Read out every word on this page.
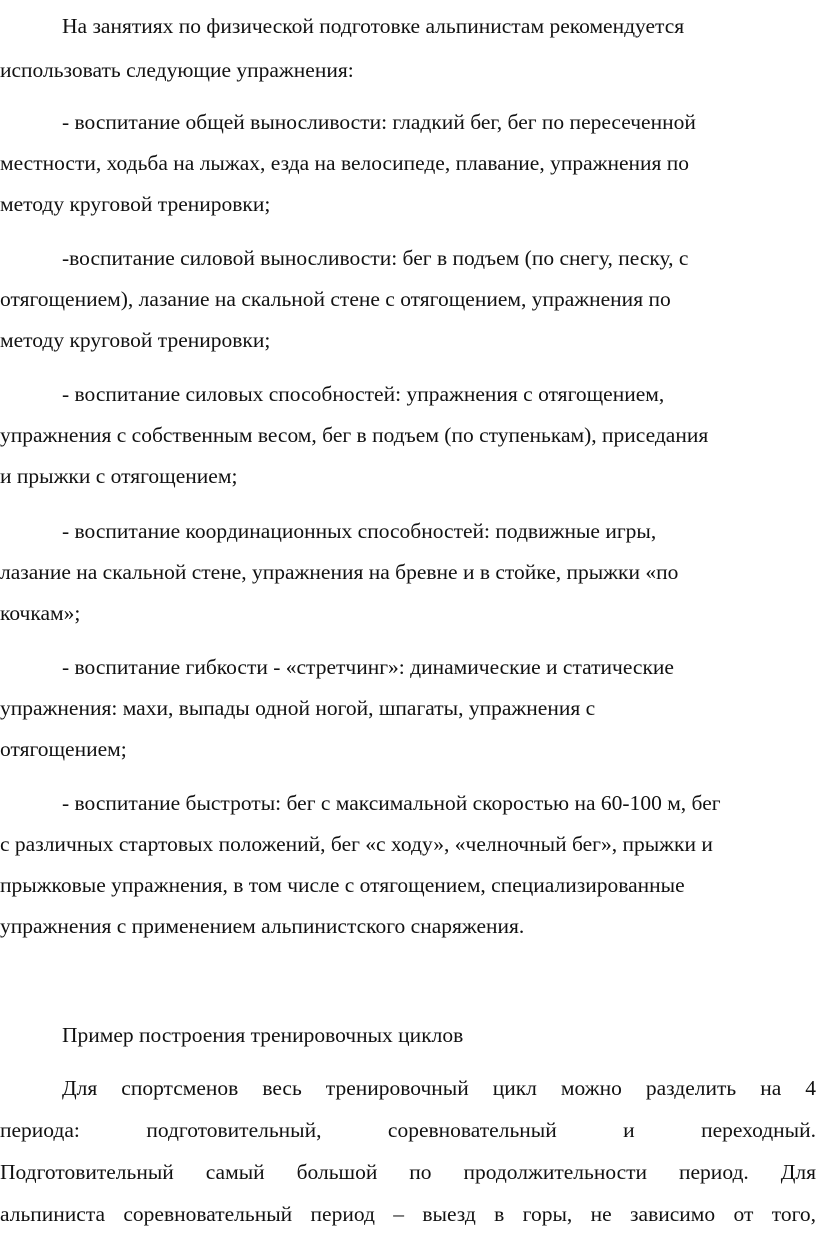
На занятиях по физической подготовке альпинистам рекомендуется
использовать следующие упражнения:
- воспитание общей выносливости: гладкий бег, бег по пересеченной
местности, ходьба на лыжах, езда на велосипеде, плавание, упражнения по
методу круговой тренировки;
-воспитание силовой выносливости: бег в подъем (по снегу, песку, с
отягощением), лазание на скальной стене с отягощением, упражнения по
методу круговой тренировки;
- воспитание силовых способностей: упражнения с отягощением,
упражнения с собственным весом, бег в подъем (по ступенькам), приседания
и прыжки с отягощением;
- воспитание координационных способностей: подвижные игры,
лазание на скальной стене, упражнения на бревне и в стойке, прыжки «по
кочкам»;
- воспитание гибкости - «стретчинг»: динамические и статические
упражнения: махи, выпады одной ногой, шпагаты, упражнения с
отягощением;
- воспитание быстроты: бег с максимальной скоростью на 60-100 м, бег
с различных стартовых положений, бег «с ходу», «челночный бег», прыжки и
прыжковые упражнения, в том числе с отягощением, специализированные
упражнения с применением альпинистского снаряжения.
Пример построения тренировочных циклов
Для спортсменов весь тренировочный цикл можно разделить на 4
периода: подготовительный, соревновательный и переходный.
Подготовительный самый большой по продолжительности период. Для
альпиниста соревновательный период – выезд в горы, не зависимо от того,
